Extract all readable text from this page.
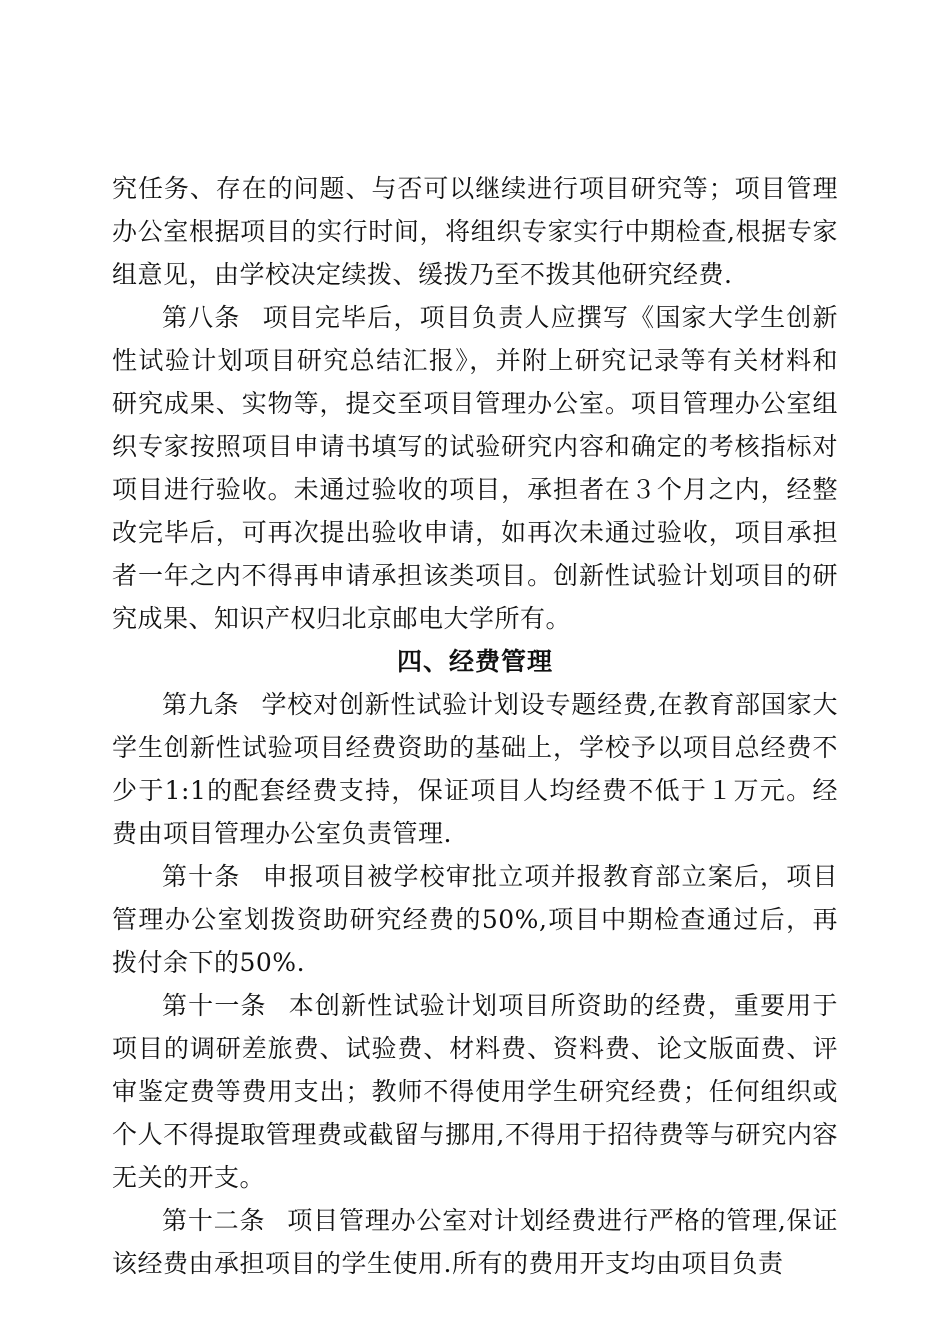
究任务、存在的问题、与否可以继续进行项目研究等；项目管理办公室根据项目的实行时间，将组织专家实行中期检查,根据专家组意见，由学校决定续拨、缓拨乃至不拨其他研究经费.

第八条 项目完毕后，项目负责人应撰写《国家大学生创新性试验计划项目研究总结汇报》，并附上研究记录等有关材料和研究成果、实物等，提交至项目管理办公室。项目管理办公室组织专家按照项目申请书填写的试验研究内容和确定的考核指标对项目进行验收。未通过验收的项目，承担者在３个月之内，经整改完毕后，可再次提出验收申请，如再次未通过验收，项目承担者一年之内不得再申请承担该类项目。创新性试验计划项目的研究成果、知识产权归北京邮电大学所有。

四、经费管理

第九条 学校对创新性试验计划设专题经费,在教育部国家大学生创新性试验项目经费资助的基础上，学校予以项目总经费不少于1:1的配套经费支持，保证项目人均经费不低于１万元。经费由项目管理办公室负责管理.

第十条 申报项目被学校审批立项并报教育部立案后，项目管理办公室划拨资助研究经费的50%,项目中期检查通过后，再拨付余下的50%.

第十一条 本创新性试验计划项目所资助的经费，重要用于项目的调研差旅费、试验费、材料费、资料费、论文版面费、评审鉴定费等费用支出；教师不得使用学生研究经费；任何组织或个人不得提取管理费或截留与挪用,不得用于招待费等与研究内容无关的开支。

第十二条 项目管理办公室对计划经费进行严格的管理,保证该经费由承担项目的学生使用.所有的费用开支均由项目负责
